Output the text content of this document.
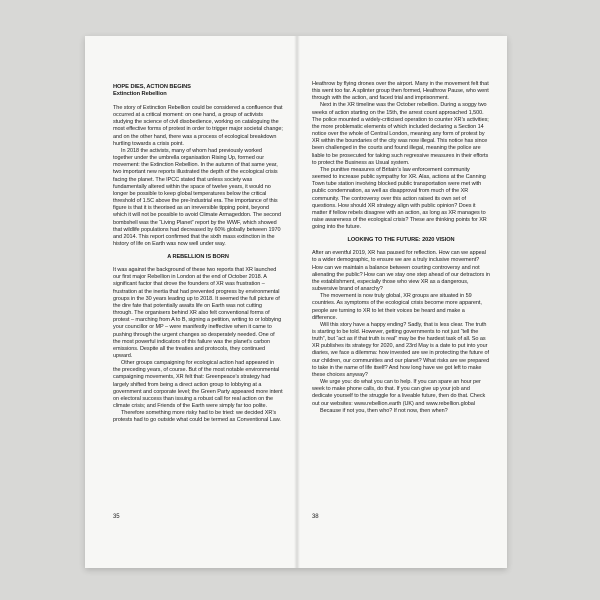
HOPE DIES, ACTION BEGINS

Extinction Rebellion

The story of Extinction Rebellion could be considered a confluence that occurred at a critical moment: on one hand, a group of activists studying the science of civil disobedience, working on cataloguing the most effective forms of protest in order to trigger major societal change; and on the other hand, there was a process of ecological breakdown hurtling towards a crisis point.

In 2018 the activists, many of whom had previously worked together under the umbrella organisation Rising Up, formed our movement: the Extinction Rebellion. In the autumn of that same year, two important new reports illustrated the depth of the ecological crisis facing the planet. The IPCC stated that unless society was fundamentally altered within the space of twelve years, it would no longer be possible to keep global temperatures below the critical threshold of 1.5C above the pre-Industrial era. The importance of this figure is that it is theorised as an irreversible tipping point, beyond which it will not be possible to avoid Climate Armageddon. The second bombshell was the “Living Planet” report by the WWF, which showed that wildlife populations had decreased by 60% globally between 1970 and 2014. This report confirmed that the sixth mass extinction in the history of life on Earth was now well under way.

A REBELLION IS BORN

It was against the background of these two reports that XR launched our first major Rebellion in London at the end of October 2018. A significant factor that drove the founders of XR was frustration – frustration at the inertia that had prevented progress by environmental groups in the 30 years leading up to 2018. It seemed the full picture of the dire fate that potentially awaits life on Earth was not cutting through. The organisers behind XR also felt conventional forms of protest – marching from A to B, signing a petition, writing to or lobbying your councillor or MP – were manifestly ineffective when it came to pushing through the urgent changes so desperately needed. One of the most powerful indicators of this failure was the planet’s carbon emissions. Despite all the treaties and protocols, they continued upward.

Other groups campaigning for ecological action had appeared in the preceding years, of course. But of the most notable environmental campaigning movements, XR felt that: Greenpeace’s strategy had largely shifted from being a direct action group to lobbying at a government and corporate level; the Green Party appeared more intent on electoral success than issuing a robust call for real action on the climate crisis; and Friends of the Earth were simply far too polite.

Therefore something more risky had to be tried: we decided XR’s protests had to go outside what could be termed as Conventional Law.

35

Heathrow by flying drones over the airport. Many in the movement felt that this went too far. A splinter group then formed, Heathrow Pause, who went through with the action, and faced trial and imprisonment.

Next in the XR timeline was the October rebellion. During a soggy two weeks of action starting on the 15th, the arrest count approached 1,500. The police mounted a widely-criticised operation to counter XR’s activities; the more problematic elements of which included declaring a Section 14 notice over the whole of Central London, meaning any form of protest by XR within the boundaries of the city was now illegal. This notice has since been challenged in the courts and found illegal, meaning the police are liable to be prosecuted for taking such regressive measures in their efforts to protect the Business as Usual system.

The punitive measures of Britain’s law enforcement community seemed to increase public sympathy for XR. Alas, actions at the Canning Town tube station involving blocked public transportation were met with public condemnation, as well as disapproval from much of the XR community. The controversy over this action raised its own set of questions. How should XR strategy align with public opinion? Does it matter if fellow rebels disagree with an action, as long as XR manages to raise awareness of the ecological crisis? These are thinking points for XR going into the future.

LOOKING TO THE FUTURE: 2020 VISION

After an eventful 2019, XR has paused for reflection. How can we appeal to a wider demographic, to ensure we are a truly inclusive movement? How can we maintain a balance between courting controversy and not alienating the public? How can we stay one step ahead of our detractors in the establishment, especially those who view XR as a dangerous, subversive brand of anarchy?

The movement is now truly global, XR groups are situated in 59 countries. As symptoms of the ecological crisis become more apparent, people are turning to XR to let their voices be heard and make a difference.

Will this story have a happy ending? Sadly, that is less clear. The truth is starting to be told. However, getting governments to not just “tell the truth”, but “act as if that truth is real” may be the hardest task of all. So as XR publishes its strategy for 2020, and 23rd May is a date to put into your diaries, we face a dilemma: how invested are we in protecting the future of our children, our communities and our planet? What risks are we prepared to take in the name of life itself? And how long have we got left to make these choices anyway?

We urge you: do what you can to help. If you can spare an hour per week to make phone calls, do that. If you can give up your job and dedicate yourself to the struggle for a liveable future, then do that. Check out our websites: www.rebellion.earth (UK) and www.rebellion.global

Because if not you, then who? If not now, then when?

38
